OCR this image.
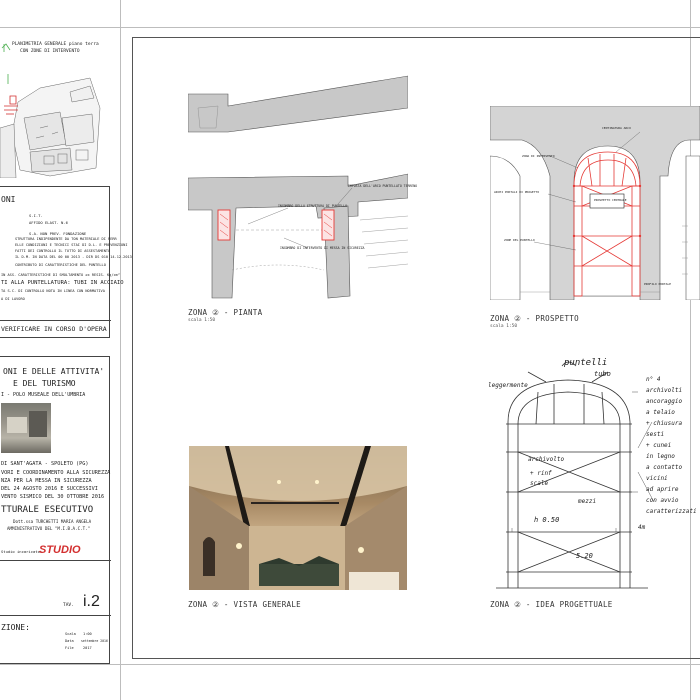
PLANIMETRIA GENERALE piano terra
CON ZONE DI INTERVENTO
ONI
S.I.T.
AFFIDO ELAST. N.6
S.A. NON PREV. FONDAZIONE
STRUTTURA INDIPENDENTE DA TON MATERIALE DI FERR
ELLE CONDIZIONI E TECNICI STAI DI D.L. E PREVENZIONI
FATTI DEI CONTROLLO IL TUTTO DI ASSESTAMENTO
IL D.M. IN DATA DEL 00 00 2013 - DIR DS 010 14.12.2013
CONTRIBUTO DI CARATTERISTICHE DEL PUNTELLO
IN ASS. CARATTERISTICHE DI SMOLTAMENTO ≥x RESIS. Kg/cm²
TI ALLA PUNTELLATURA: TUBI IN ACCIAIO
TA S.C. DI CONTROLLO NOTA IN LINEA CON NORMATIVA
A DI LAVORO
VERIFICARE IN CORSO D'OPERA
ONI E DELLE ATTIVITA'
E DEL TURISMO
I - POLO MUSEALE DELL'UMBRIA
DI SANT'AGATA - SPOLETO (PG)
VORI E COORDINAMENTO ALLA SICUREZZA
NZA PER LA MESSA IN SICUREZZA
DEL 24 AGOSTO 2016 E SUCCESSIVI
VENTO SISMICO DEL 30 OTTOBRE 2016
TTURALE ESECUTIVO
Dott.ssa TURCHETTI MARIA ANGELA
AMMINISTRATIVO DEL "M.I.B.A.C.T."
Studio incaricato:
STUDIO
TAV. i.2
ZIONE:
Scala 1:00
Data settembre 2016
File	2017
IMPOSTA DELL'ARCO PUNTELLATO TERRENO
INGOMBRO DELLA STRUTTURA DI PUNTELLO
INGOMBRO DI INTERVENTO DI MESSA IN SICUREZZA
ZONA ② - PIANTA
scala 1:50
CENTINATURA ARCO
ZONA DI INTERVENTO
PROSPETTO CENTRALE
ARCHI PORTALI DI PROGETTO
ZONE DEL PUNTELLO
PROFILO PORTALE
ZONA ② - PROSPETTO
scala 1:50
ZONA ② - VISTA GENERALE
puntelli
tubo
leggermente
archivolto
+ rinf
scale
mezzi
h 0.50
5.20
4m
n° 4
archivolti
ancoraggio
a telaio
+ chiusura
sesti
+ cunei
in legno
a contatto
vicini
ad aprire
con avvio
caratterizzati
ZONA ② - IDEA PROGETTUALE
